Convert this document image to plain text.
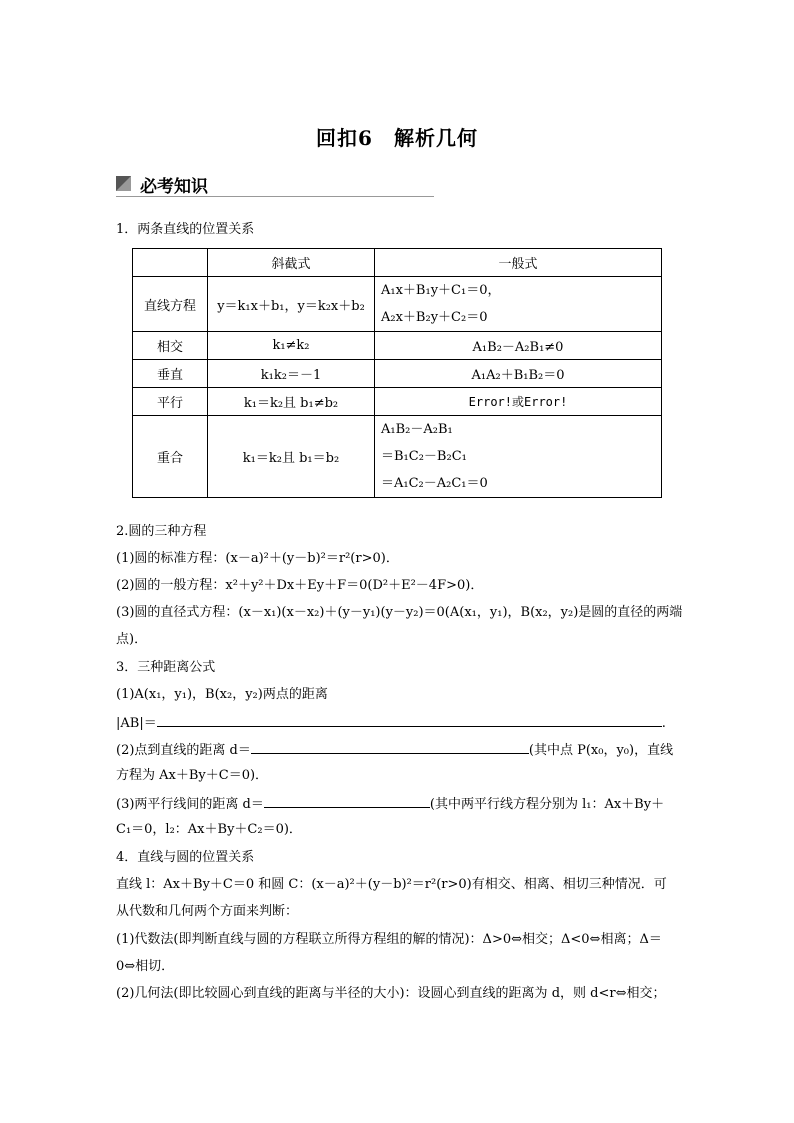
回扣6　解析几何
必考知识
1．两条直线的位置关系
	斜截式	一般式
直线方程	y＝k₁x＋b₁，y＝k₂x＋b₂	A₁x＋B₁y＋C₁＝0，
A₂x＋B₂y＋C₂＝0

相交	k₁≠k₂	A₁B₂－A₂B₁≠0
垂直	k₁k₂＝－1	A₁A₂＋B₁B₂＝0
平行	k₁＝k₂且 b₁≠b₂	Error!或Error!
重合	k₁＝k₂且 b₁＝b₂	A₁B₂－A₂B₁
＝B₁C₂－B₂C₁
＝A₁C₂－A₂C₁＝0
2.圆的三种方程
(1)圆的标准方程：(x－a)²＋(y－b)²＝r²(r>0)．
(2)圆的一般方程：x²＋y²＋Dx＋Ey＋F＝0(D²＋E²－4F>0)．
(3)圆的直径式方程：(x－x₁)(x－x₂)＋(y－y₁)(y－y₂)＝0(A(x₁，y₁)，B(x₂，y₂)是圆的直径的两端
点)．
3．三种距离公式
(1)A(x₁，y₁)，B(x₂，y₂)两点的距离
|AB|＝	.
(2)点到直线的距离 d＝	(其中点 P(x₀，y₀)，直线
方程为 Ax＋By＋C＝0)．
(3)两平行线间的距离 d＝	(其中两平行线方程分别为 l₁：Ax＋By＋
C₁＝0，l₂：Ax＋By＋C₂＝0)．
4．直线与圆的位置关系
直线 l：Ax＋By＋C＝0 和圆 C：(x－a)²＋(y－b)²＝r²(r>0)有相交、相离、相切三种情况．可
从代数和几何两个方面来判断：
(1)代数法(即判断直线与圆的方程联立所得方程组的解的情况)：Δ>0⇔相交；Δ<0⇔相离；Δ＝
0⇔相切．
(2)几何法(即比较圆心到直线的距离与半径的大小)：设圆心到直线的距离为 d，则 d<r⇔相交；
